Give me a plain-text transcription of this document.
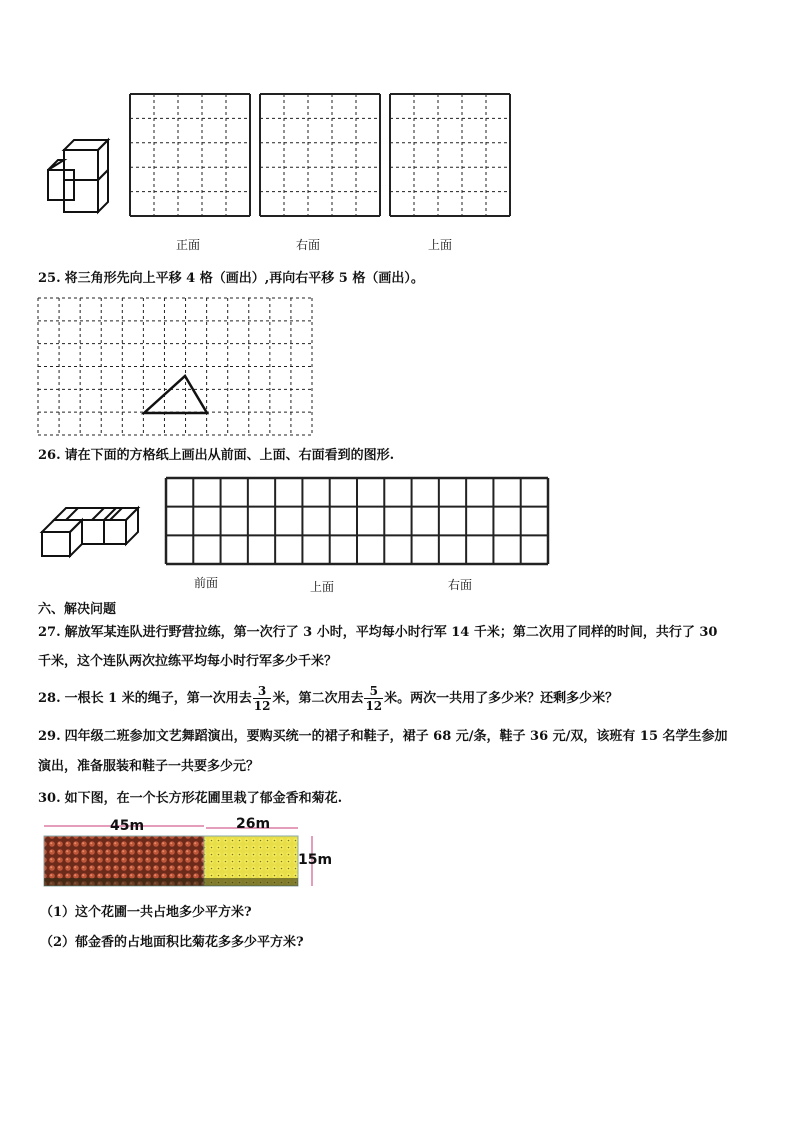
正面	右面	上面
25. 将三角形先向上平移 4 格（画出）,再向右平移 5 格（画出）。
26. 请在下面的方格纸上画出从前面、上面、右面看到的图形.
前面	上面	右面
六、解决问题
27. 解放军某连队进行野营拉练，第一次行了 3 小时，平均每小时行军 14 千米；第二次用了同样的时间，共行了 30
千米，这个连队两次拉练平均每小时行军多少千米？
28. 一根长 1 米的绳子，第一次用去 $\frac{3}{12}$ 米，第二次用去 $\frac{5}{12}$ 米。两次一共用了多少米？还剩多少米？
29. 四年级二班参加文艺舞蹈演出，要购买统一的裙子和鞋子，裙子 68 元/条，鞋子 36 元/双，该班有 15 名学生参加
演出，准备服装和鞋子一共要多少元？
30. 如下图，在一个长方形花圃里栽了郁金香和菊花.
45m	26m
15m
（1）这个花圃一共占地多少平方米?
（2）郁金香的占地面积比菊花多多少平方米?
